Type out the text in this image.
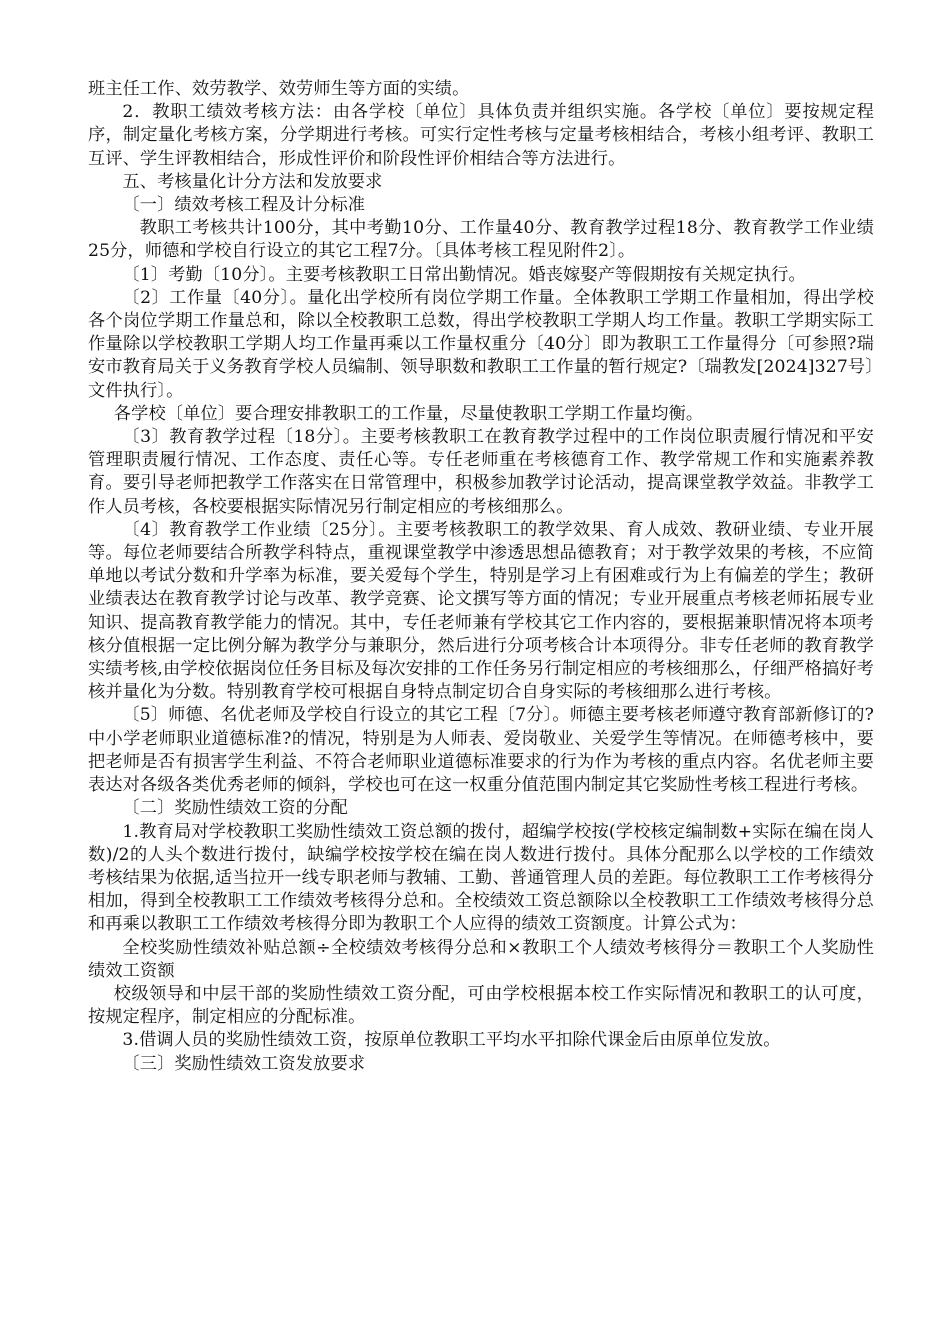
班主任工作、效劳教学、效劳师生等方面的实绩。

2．教职工绩效考核方法：由各学校〔单位〕具体负责并组织实施。各学校〔单位〕要按规定程序，制定量化考核方案，分学期进行考核。可实行定性考核与定量考核相结合，考核小组考评、教职工互评、学生评教相结合，形成性评价和阶段性评价相结合等方法进行。

五、考核量化计分方法和发放要求

〔一〕绩效考核工程及计分标准

教职工考核共计100分，其中考勤10分、工作量40分、教育教学过程18分、教育教学工作业绩25分，师德和学校自行设立的其它工程7分。〔具体考核工程见附件2〕。

〔1〕考勤〔10分〕。主要考核教职工日常出勤情况。婚丧嫁娶产等假期按有关规定执行。

〔2〕工作量〔40分〕。量化出学校所有岗位学期工作量。全体教职工学期工作量相加，得出学校各个岗位学期工作量总和，除以全校教职工总数，得出学校教职工学期人均工作量。教职工学期实际工作量除以学校教职工学期人均工作量再乘以工作量权重分〔40分〕即为教职工工作量得分〔可参照?瑞安市教育局关于义务教育学校人员编制、领导职数和教职工工作量的暂行规定?〔瑞教发[2024]327号〕文件执行〕。

各学校〔单位〕要合理安排教职工的工作量，尽量使教职工学期工作量均衡。

〔3〕教育教学过程〔18分〕。主要考核教职工在教育教学过程中的工作岗位职责履行情况和平安管理职责履行情况、工作态度、责任心等。专任老师重在考核德育工作、教学常规工作和实施素养教育。要引导老师把教学工作落实在日常管理中，积极参加教学讨论活动，提高课堂教学效益。非教学工作人员考核，各校要根据实际情况另行制定相应的考核细那么。

〔4〕教育教学工作业绩〔25分〕。主要考核教职工的教学效果、育人成效、教研业绩、专业开展等。每位老师要结合所教学科特点，重视课堂教学中渗透思想品德教育；对于教学效果的考核，不应简单地以考试分数和升学率为标准，要关爱每个学生，特别是学习上有困难或行为上有偏差的学生；教研业绩表达在教育教学讨论与改革、教学竞赛、论文撰写等方面的情况；专业开展重点考核老师拓展专业知识、提高教育教学能力的情况。其中，专任老师兼有学校其它工作内容的，要根据兼职情况将本项考核分值根据一定比例分解为教学分与兼职分，然后进行分项考核合计本项得分。非专任老师的教育教学实绩考核,由学校依据岗位任务目标及每次安排的工作任务另行制定相应的考核细那么，仔细严格搞好考核并量化为分数。特别教育学校可根据自身特点制定切合自身实际的考核细那么进行考核。

〔5〕师德、名优老师及学校自行设立的其它工程〔7分〕。师德主要考核老师遵守教育部新修订的?中小学老师职业道德标准?的情况，特别是为人师表、爱岗敬业、关爱学生等情况。在师德考核中，要把老师是否有损害学生利益、不符合老师职业道德标准要求的行为作为考核的重点内容。名优老师主要表达对各级各类优秀老师的倾斜，学校也可在这一权重分值范围内制定其它奖励性考核工程进行考核。

〔二〕奖励性绩效工资的分配

1.教育局对学校教职工奖励性绩效工资总额的拨付，超编学校按(学校核定编制数+实际在编在岗人数)/2的人头个数进行拨付，缺编学校按学校在编在岗人数进行拨付。具体分配那么以学校的工作绩效考核结果为依据,适当拉开一线专职老师与教辅、工勤、普通管理人员的差距。每位教职工工作考核得分相加，得到全校教职工工作绩效考核得分总和。全校绩效工资总额除以全校教职工工作绩效考核得分总和再乘以教职工工作绩效考核得分即为教职工个人应得的绩效工资额度。计算公式为：

全校奖励性绩效补贴总额÷全校绩效考核得分总和×教职工个人绩效考核得分＝教职工个人奖励性绩效工资额

校级领导和中层干部的奖励性绩效工资分配，可由学校根据本校工作实际情况和教职工的认可度，按规定程序，制定相应的分配标准。

3.借调人员的奖励性绩效工资，按原单位教职工平均水平扣除代课金后由原单位发放。

〔三〕奖励性绩效工资发放要求
